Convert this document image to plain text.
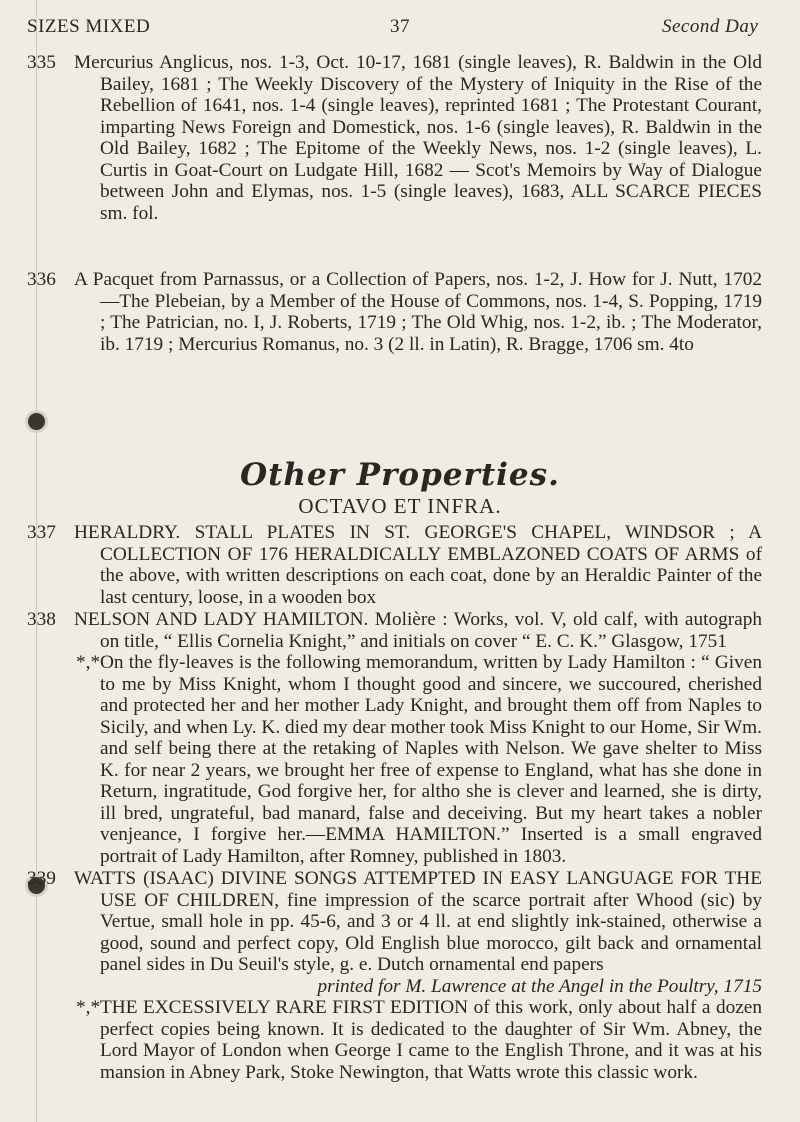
SIZES MIXED	37	Second Day
335 Mercurius Anglicus, nos. 1-3, Oct. 10-17, 1681 (single leaves), R. Baldwin in the Old Bailey, 1681 ; The Weekly Discovery of the Mystery of Iniquity in the Rise of the Rebellion of 1641, nos. 1-4 (single leaves), reprinted 1681 ; The Protestant Courant, imparting News Foreign and Domestick, nos. 1-6 (single leaves), R. Baldwin in the Old Bailey, 1682 ; The Epitome of the Weekly News, nos. 1-2 (single leaves), L. Curtis in Goat-Court on Ludgate Hill, 1682 — Scot's Memoirs by Way of Dialogue between John and Elymas, nos. 1-5 (single leaves), 1683, ALL SCARCE PIECES sm. fol.
336 A Pacquet from Parnassus, or a Collection of Papers, nos. 1-2, J. How for J. Nutt, 1702—The Plebeian, by a Member of the House of Commons, nos. 1-4, S. Popping, 1719 ; The Patrician, no. I, J. Roberts, 1719 ; The Old Whig, nos. 1-2, ib. ; The Moderator, ib. 1719 ; Mercurius Romanus, no. 3 (2 ll. in Latin), R. Bragge, 1706 sm. 4to
Other Properties.
OCTAVO ET INFRA.
337 HERALDRY. STALL PLATES IN ST. GEORGE'S CHAPEL, WINDSOR ; A COLLECTION OF 176 HERALDICALLY EMBLAZONED COATS OF ARMS of the above, with written descriptions on each coat, done by an Heraldic Painter of the last century, loose, in a wooden box
338 NELSON AND LADY HAMILTON. Molière : Works, vol. V, old calf, with autograph on title, “ Ellis Cornelia Knight,” and initials on cover “ E. C. K.” Glasgow, 1751
*,*On the fly-leaves is the following memorandum, written by Lady Hamilton : “ Given to me by Miss Knight, whom I thought good and sincere, we succoured, cherished and protected her and her mother Lady Knight, and brought them off from Naples to Sicily, and when Ly. K. died my dear mother took Miss Knight to our Home, Sir Wm. and self being there at the retaking of Naples with Nelson. We gave shelter to Miss K. for near 2 years, we brought her free of expense to England, what has she done in Return, ingratitude, God forgive her, for altho she is clever and learned, she is dirty, ill bred, ungrateful, bad manard, false and deceiving. But my heart takes a nobler venjeance, I forgive her.—EMMA HAMILTON.” Inserted is a small engraved portrait of Lady Hamilton, after Romney, published in 1803.
339 WATTS (ISAAC) DIVINE SONGS ATTEMPTED IN EASY LANGUAGE FOR THE USE OF CHILDREN, fine impression of the scarce portrait after Whood (sic) by Vertue, small hole in pp. 45-6, and 3 or 4 ll. at end slightly ink-stained, otherwise a good, sound and perfect copy, Old English blue morocco, gilt back and ornamental panel sides in Du Seuil's style, g. e. Dutch ornamental end papers
printed for M. Lawrence at the Angel in the Poultry, 1715
*,*THE EXCESSIVELY RARE FIRST EDITION of this work, only about half a dozen perfect copies being known. It is dedicated to the daughter of Sir Wm. Abney, the Lord Mayor of London when George I came to the English Throne, and it was at his mansion in Abney Park, Stoke Newington, that Watts wrote this classic work.
